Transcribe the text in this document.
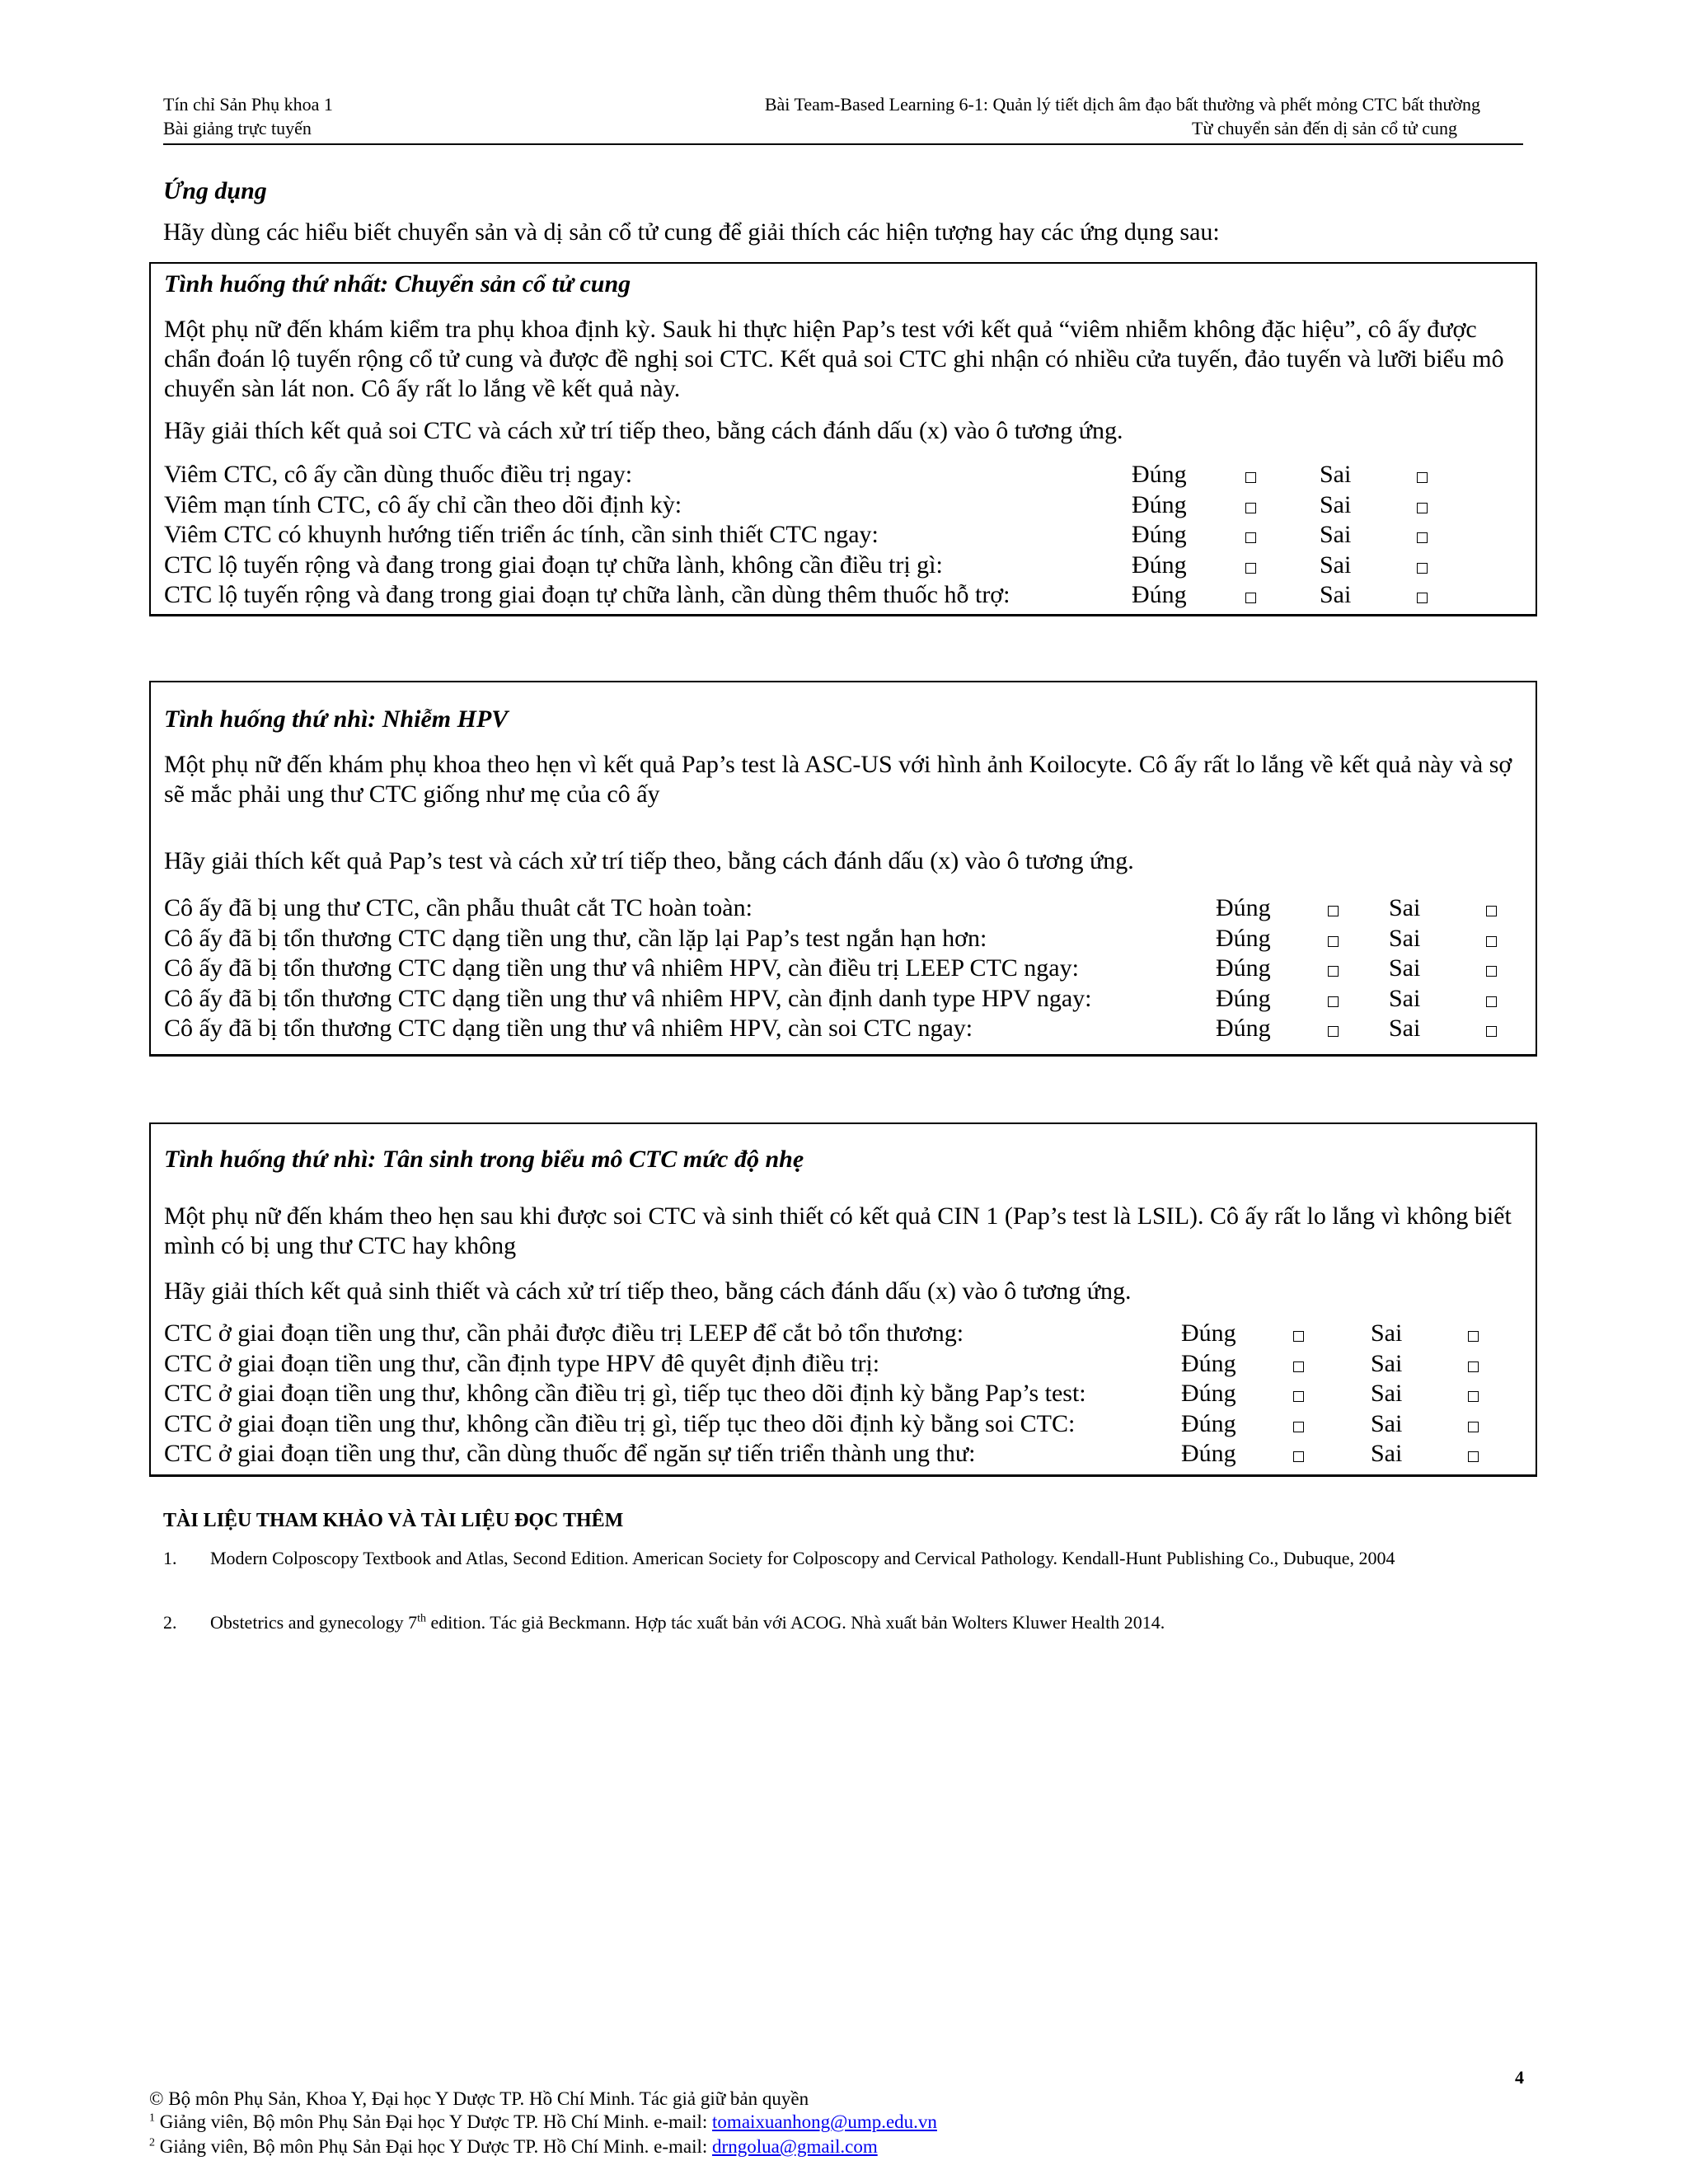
Tín chỉ Sản Phụ khoa 1	Bài Team-Based Learning 6-1: Quản lý tiết dịch âm đạo bất thường và phết mỏng CTC bất thường
Bài giảng trực tuyến	Từ chuyển sản đến dị sản cổ tử cung
Ứng dụng
Hãy dùng các hiểu biết chuyển sản và dị sản cổ tử cung để giải thích các hiện tượng hay các ứng dụng sau:
Tình huống thứ nhất: Chuyển sản cổ tử cung
Một phụ nữ đến khám kiểm tra phụ khoa định kỳ. Sauk hi thực hiện Pap’s test với kết quả “viêm nhiễm không đặc hiệu”, cô ấy được chẩn đoán lộ tuyến rộng cổ tử cung và được đề nghị soi CTC. Kết quả soi CTC ghi nhận có nhiều cửa tuyến, đảo tuyến và lưỡi biểu mô chuyển sàn lát non. Cô ấy rất lo lắng về kết quả này.
Hãy giải thích kết quả soi CTC và cách xử trí tiếp theo, bằng cách đánh dấu (x) vào ô tương ứng.
Viêm CTC, cô ấy cần dùng thuốc điều trị ngay:	Đúng	Sai
Viêm mạn tính CTC, cô ấy chỉ cần theo dõi định kỳ:	Đúng	Sai
Viêm CTC có khuynh hướng tiến triển ác tính, cần sinh thiết CTC ngay:	Đúng	Sai
CTC lộ tuyến rộng và đang trong giai đoạn tự chữa lành, không cần điều trị gì:	Đúng	Sai
CTC lộ tuyến rộng và đang trong giai đoạn tự chữa lành, cần dùng thêm thuốc hỗ trợ:	Đúng	Sai
Tình huống thứ nhì: Nhiễm HPV
Một phụ nữ đến khám phụ khoa theo hẹn vì kết quả Pap’s test là ASC-US với hình ảnh Koilocyte. Cô ấy rất lo lắng về kết quả này và sợ sẽ mắc phải ung thư CTC giống như mẹ của cô ấy
Hãy giải thích kết quả Pap’s test và cách xử trí tiếp theo, bằng cách đánh dấu (x) vào ô tương ứng.
Cô ấy đã bị ung thư CTC, cần phẫu thuât cắt TC hoàn toàn:	Đúng	Sai
Cô ấy đã bị tổn thương CTC dạng tiền ung thư, cần lặp lại Pap’s test ngắn hạn hơn:	Đúng	Sai
Cô ấy đã bị tổn thương CTC dạng tiền ung thư vâ nhiêm HPV, càn điều trị LEEP CTC ngay:	Đúng	Sai
Cô ấy đã bị tổn thương CTC dạng tiền ung thư vâ nhiêm HPV, càn định danh type HPV ngay:	Đúng	Sai
Cô ấy đã bị tổn thương CTC dạng tiền ung thư vâ nhiêm HPV, càn soi CTC ngay:	Đúng	Sai
Tình huống thứ nhì: Tân sinh trong biểu mô CTC mức độ nhẹ
Một phụ nữ đến khám theo hẹn sau khi được soi CTC và sinh thiết có kết quả CIN 1 (Pap’s test là LSIL). Cô ấy rất lo lắng vì không biết mình có bị ung thư CTC hay không
Hãy giải thích kết quả sinh thiết và cách xử trí tiếp theo, bằng cách đánh dấu (x) vào ô tương ứng.
CTC ở giai đoạn tiền ung thư, cần phải được điều trị LEEP để cắt bỏ tổn thương:	Đúng	Sai
CTC ở giai đoạn tiền ung thư, cần định type HPV đê quyêt định điều trị:	Đúng	Sai
CTC ở giai đoạn tiền ung thư, không cần điều trị gì, tiếp tục theo dõi định kỳ bằng Pap’s test:	Đúng	Sai
CTC ở giai đoạn tiền ung thư, không cần điều trị gì, tiếp tục theo dõi định kỳ bằng soi CTC:	Đúng	Sai
CTC ở giai đoạn tiền ung thư, cần dùng thuốc để ngăn sự tiến triển thành ung thư:	Đúng	Sai
TÀI LIỆU THAM KHẢO VÀ TÀI LIỆU ĐỌC THÊM
1. Modern Colposcopy Textbook and Atlas, Second Edition. American Society for Colposcopy and Cervical Pathology. Kendall-Hunt Publishing Co., Dubuque, 2004
2. Obstetrics and gynecology 7th edition. Tác giả Beckmann. Hợp tác xuất bản với ACOG. Nhà xuất bản Wolters Kluwer Health 2014.
4
© Bộ môn Phụ Sản, Khoa Y, Đại học Y Dược TP. Hồ Chí Minh. Tác giả giữ bản quyền
$^1$ Giảng viên, Bộ môn Phụ Sản Đại học Y Dược TP. Hồ Chí Minh. e-mail: tomaixuanhong@ump.edu.vn
$^2$ Giảng viên, Bộ môn Phụ Sản Đại học Y Dược TP. Hồ Chí Minh. e-mail: drngolua@gmail.com
